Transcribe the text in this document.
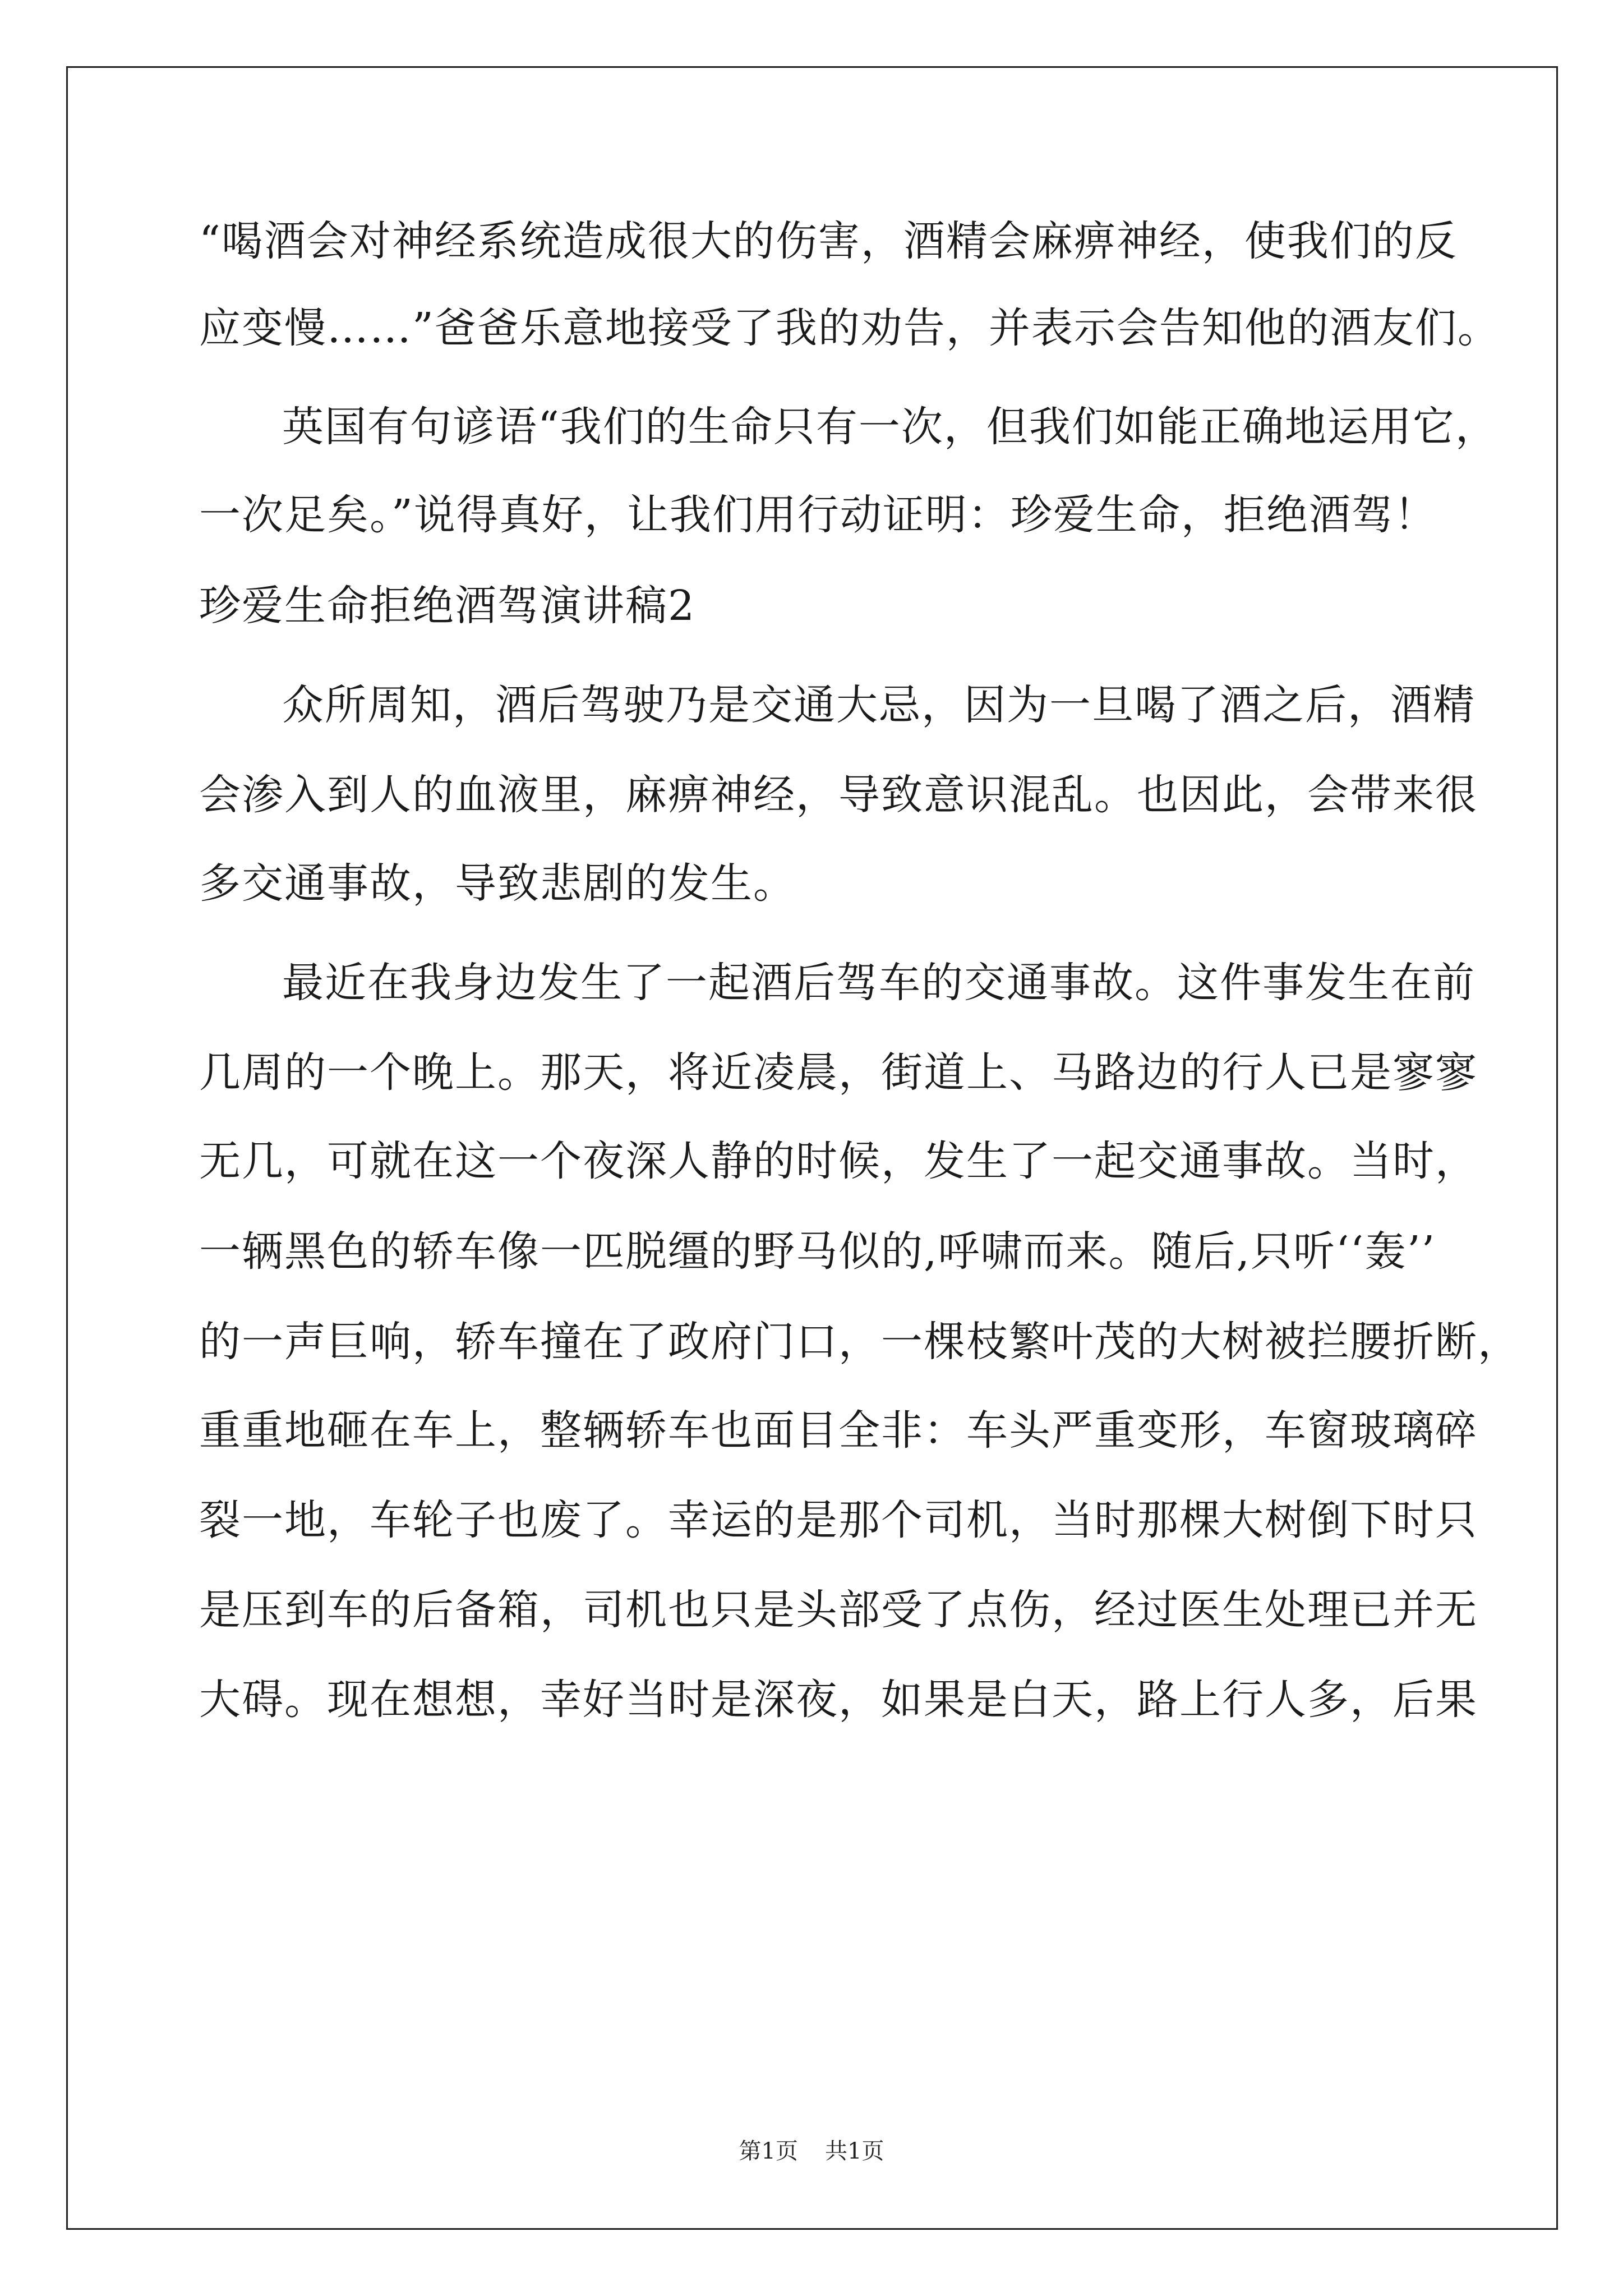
“喝酒会对神经系统造成很大的伤害，酒精会麻痹神经，使我们的反
应变慢……”爸爸乐意地接受了我的劝告，并表示会告知他的酒友们。
英国有句谚语“我们的生命只有一次，但我们如能正确地运用它，
一次足矣。”说得真好，让我们用行动证明：珍爱生命，拒绝酒驾！
珍爱生命拒绝酒驾演讲稿2
众所周知，酒后驾驶乃是交通大忌，因为一旦喝了酒之后，酒精
会渗入到人的血液里，麻痹神经，导致意识混乱。也因此，会带来很
多交通事故，导致悲剧的发生。
最近在我身边发生了一起酒后驾车的交通事故。这件事发生在前
几周的一个晚上。那天，将近凌晨，街道上、马路边的行人已是寥寥
无几，可就在这一个夜深人静的时候，发生了一起交通事故。当时，
一辆黑色的轿车像一匹脱缰的野马似的,呼啸而来。随后,只听‘‘轰’’
的一声巨响，轿车撞在了政府门口，一棵枝繁叶茂的大树被拦腰折断，
重重地砸在车上，整辆轿车也面目全非：车头严重变形，车窗玻璃碎
裂一地，车轮子也废了。幸运的是那个司机，当时那棵大树倒下时只
是压到车的后备箱，司机也只是头部受了点伤，经过医生处理已并无
大碍。现在想想，幸好当时是深夜，如果是白天，路上行人多，后果
第1页 共1页
